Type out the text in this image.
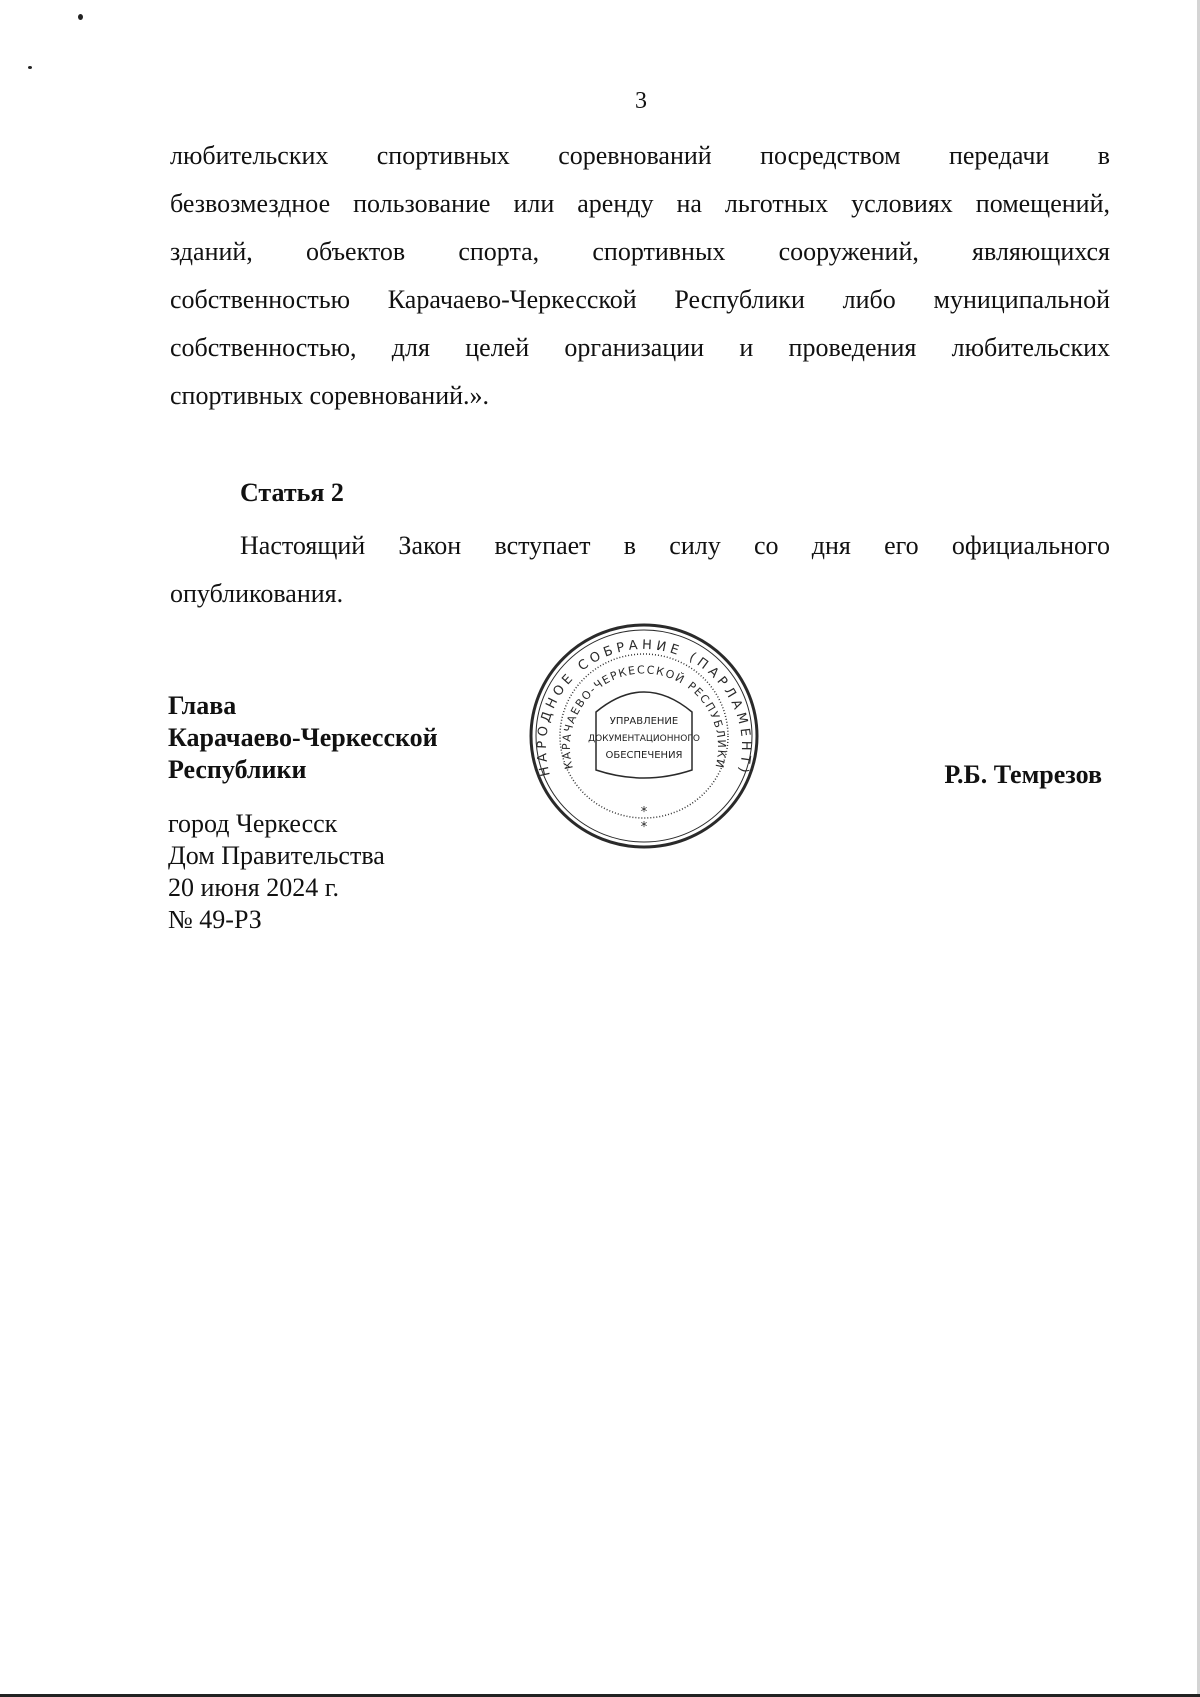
3
любительских спортивных соревнований посредством передачи в
безвозмездное пользование или аренду на льготных условиях помещений,
зданий, объектов спорта, спортивных сооружений, являющихся
собственностью Карачаево-Черкесской Республики либо муниципальной
собственностью, для целей организации и проведения любительских
спортивных соревнований.».
Статья 2
Настоящий Закон вступает в силу со дня его официального
опубликования.
Глава
Карачаево-Черкесской
Республики	Р.Б. Темрезов
город Черкесск
Дом Правительства
20 июня 2024 г.
№ 49-РЗ
НАРОДНОЕ СОБРАНИЕ (ПАРЛАМЕНТ)
КАРАЧАЕВО-ЧЕРКЕССКОЙ РЕСПУБЛИКИ
УПРАВЛЕНИЕ
ДОКУМЕНТАЦИОННОГО
ОБЕСПЕЧЕНИЯ
*
*
